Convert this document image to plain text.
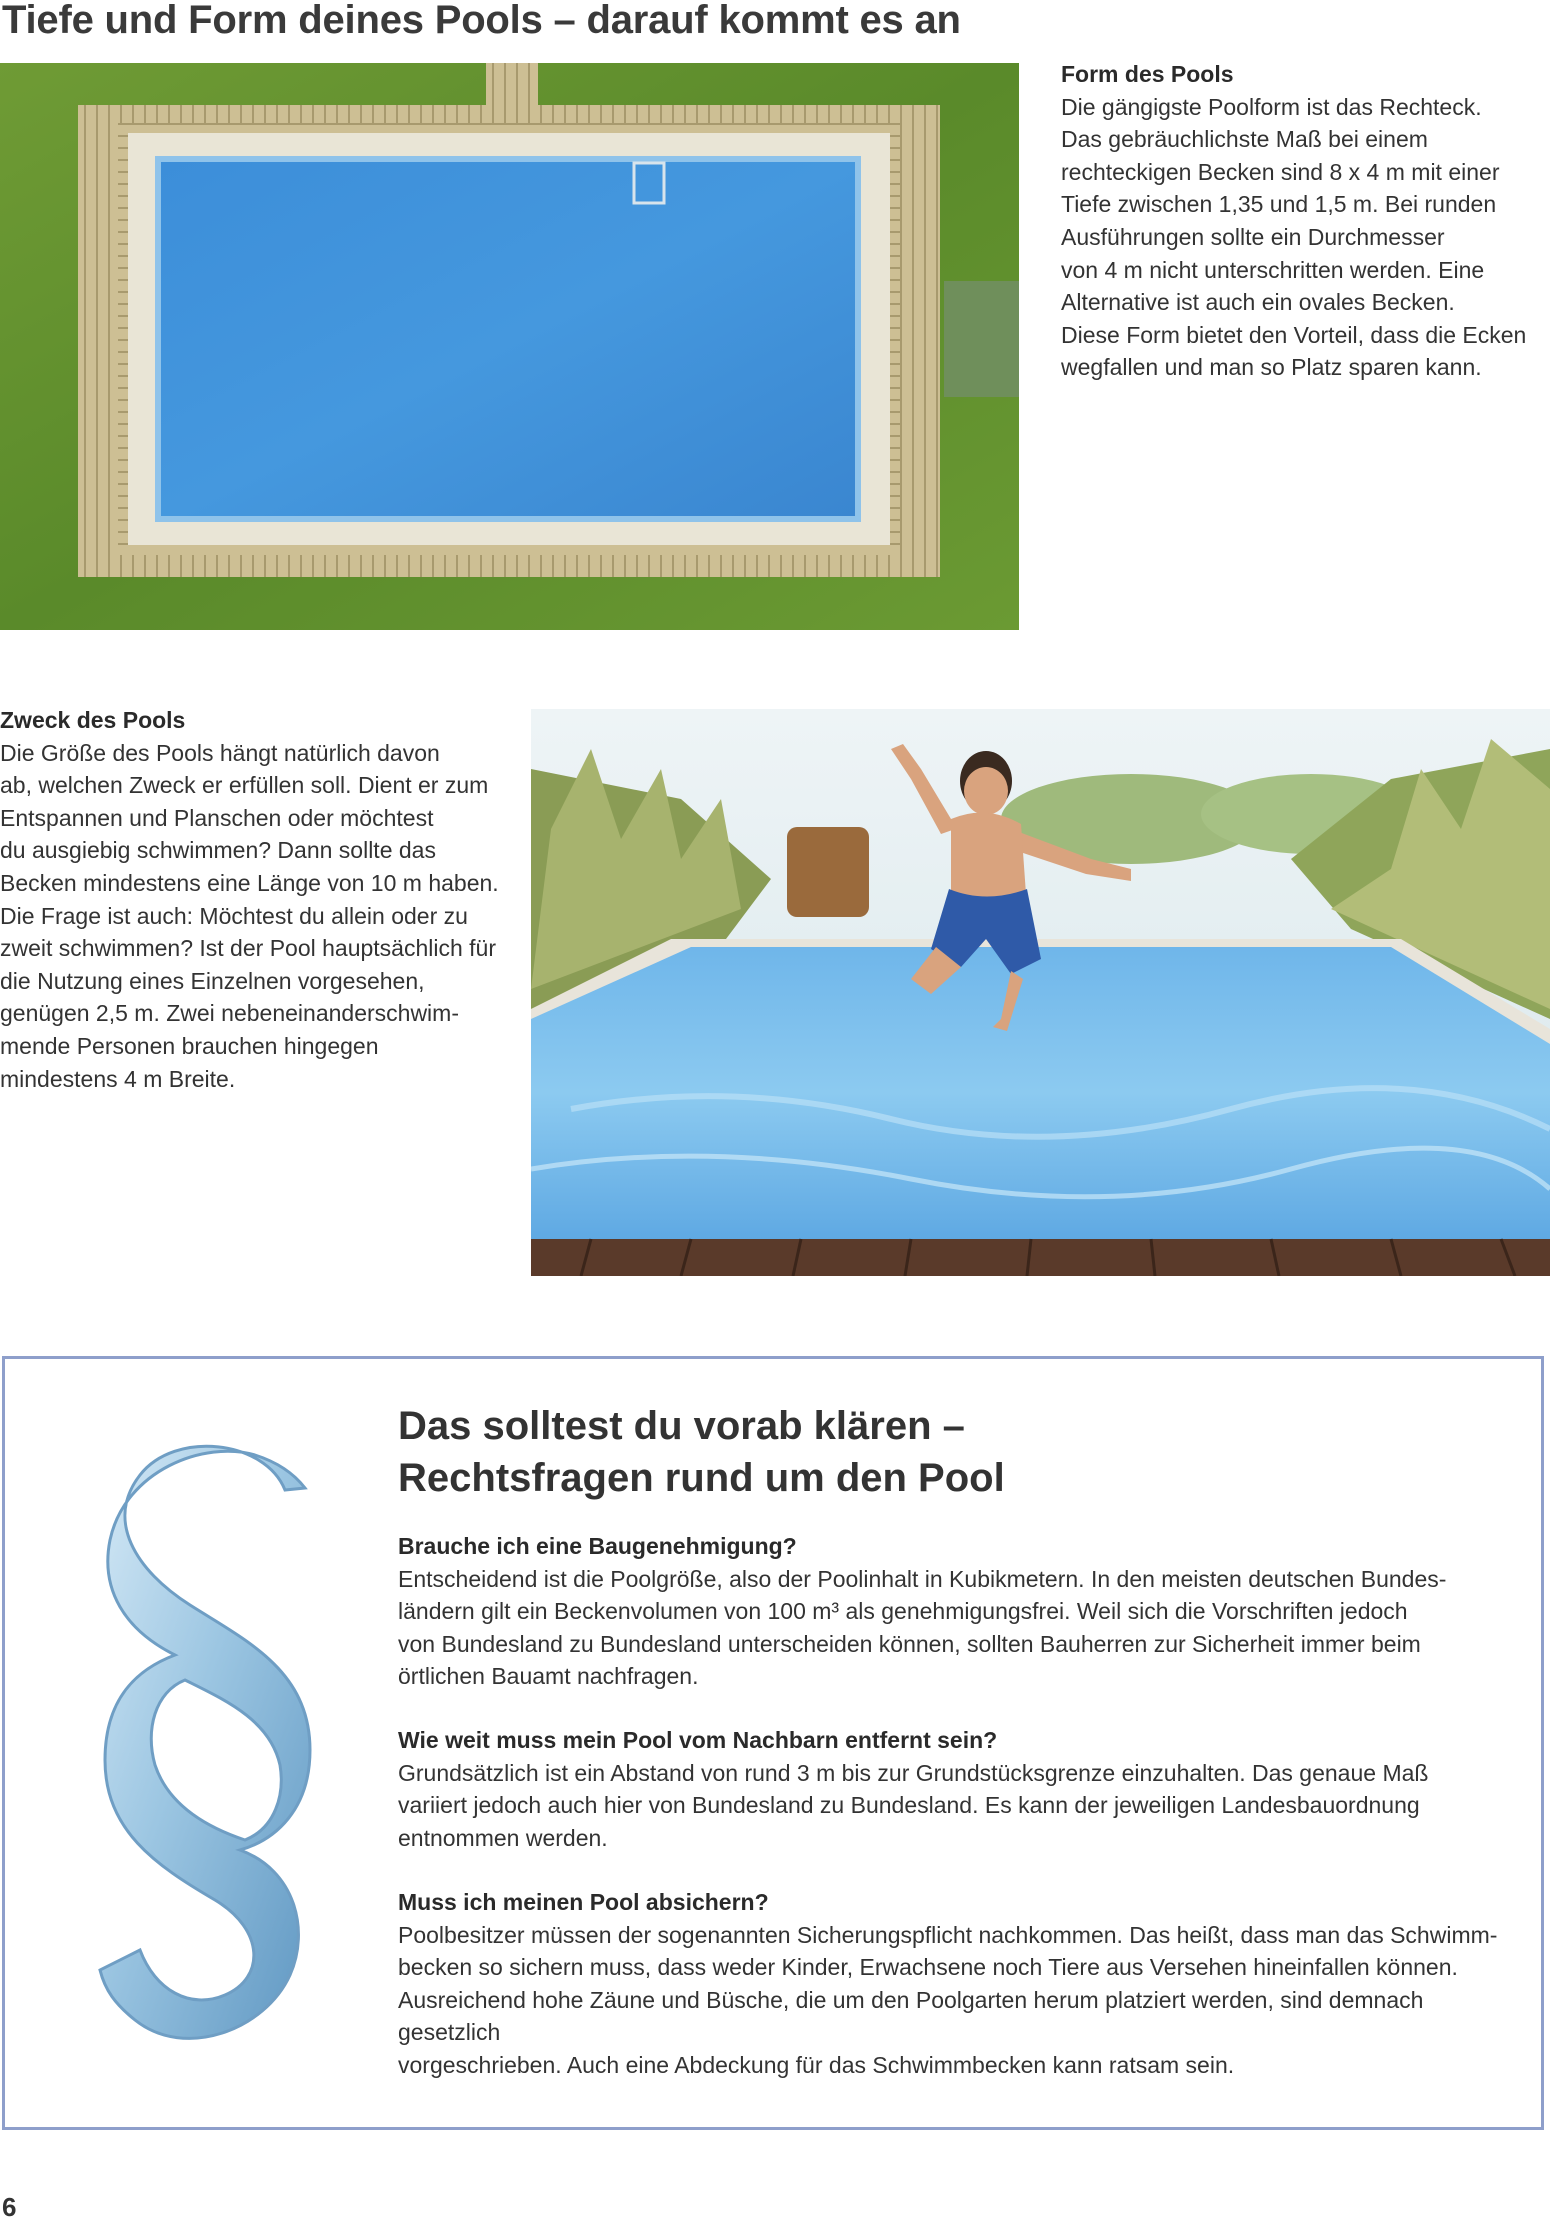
Tiefe und Form deines Pools – darauf kommt es an
Form des Pools

Die gängigste Poolform ist das Rechteck.

Das gebräuchlichste Maß bei einem

rechteckigen Becken sind 8 x 4 m mit einer

Tiefe zwischen 1,35 und 1,5 m. Bei runden

Ausführungen sollte ein Durchmesser

von 4 m nicht unterschritten werden. Eine

Alternative ist auch ein ovales Becken.

Diese Form bietet den Vorteil, dass die Ecken

wegfallen und man so Platz sparen kann.

Zweck des Pools

Die Größe des Pools hängt natürlich davon

ab, welchen Zweck er erfüllen soll. Dient er zum

Entspannen und Planschen oder möchtest

du ausgiebig schwimmen? Dann sollte das

Becken mindestens eine Länge von 10 m haben.

Die Frage ist auch: Möchtest du allein oder zu

zweit schwimmen? Ist der Pool hauptsächlich für

die Nutzung eines Einzelnen vorgesehen,

genügen 2,5 m. Zwei nebeneinanderschwim-

mende Personen brauchen hingegen

mindestens 4 m Breite.

Das solltest du vorab klären –
Rechtsfragen rund um den Pool
Brauche ich eine Baugenehmigung?

Entscheidend ist die Poolgröße, also der Poolinhalt in Kubikmetern. In den meisten deutschen Bundes-

ländern gilt ein Beckenvolumen von 100 m³ als genehmigungsfrei. Weil sich die Vorschriften jedoch

von Bundesland zu Bundesland unterscheiden können, sollten Bauherren zur Sicherheit immer beim

örtlichen Bauamt nachfragen.

Wie weit muss mein Pool vom Nachbarn entfernt sein?

Grundsätzlich ist ein Abstand von rund 3 m bis zur Grundstücksgrenze einzuhalten. Das genaue Maß

variiert jedoch auch hier von Bundesland zu Bundesland. Es kann der jeweiligen Landesbauordnung

entnommen werden.

Muss ich meinen Pool absichern?

Poolbesitzer müssen der sogenannten Sicherungspflicht nachkommen. Das heißt, dass man das Schwimm-

becken so sichern muss, dass weder Kinder, Erwachsene noch Tiere aus Versehen hineinfallen können.

Ausreichend hohe Zäune und Büsche, die um den Poolgarten herum platziert werden, sind demnach gesetzlich

vorgeschrieben. Auch eine Abdeckung für das Schwimmbecken kann ratsam sein.

6
